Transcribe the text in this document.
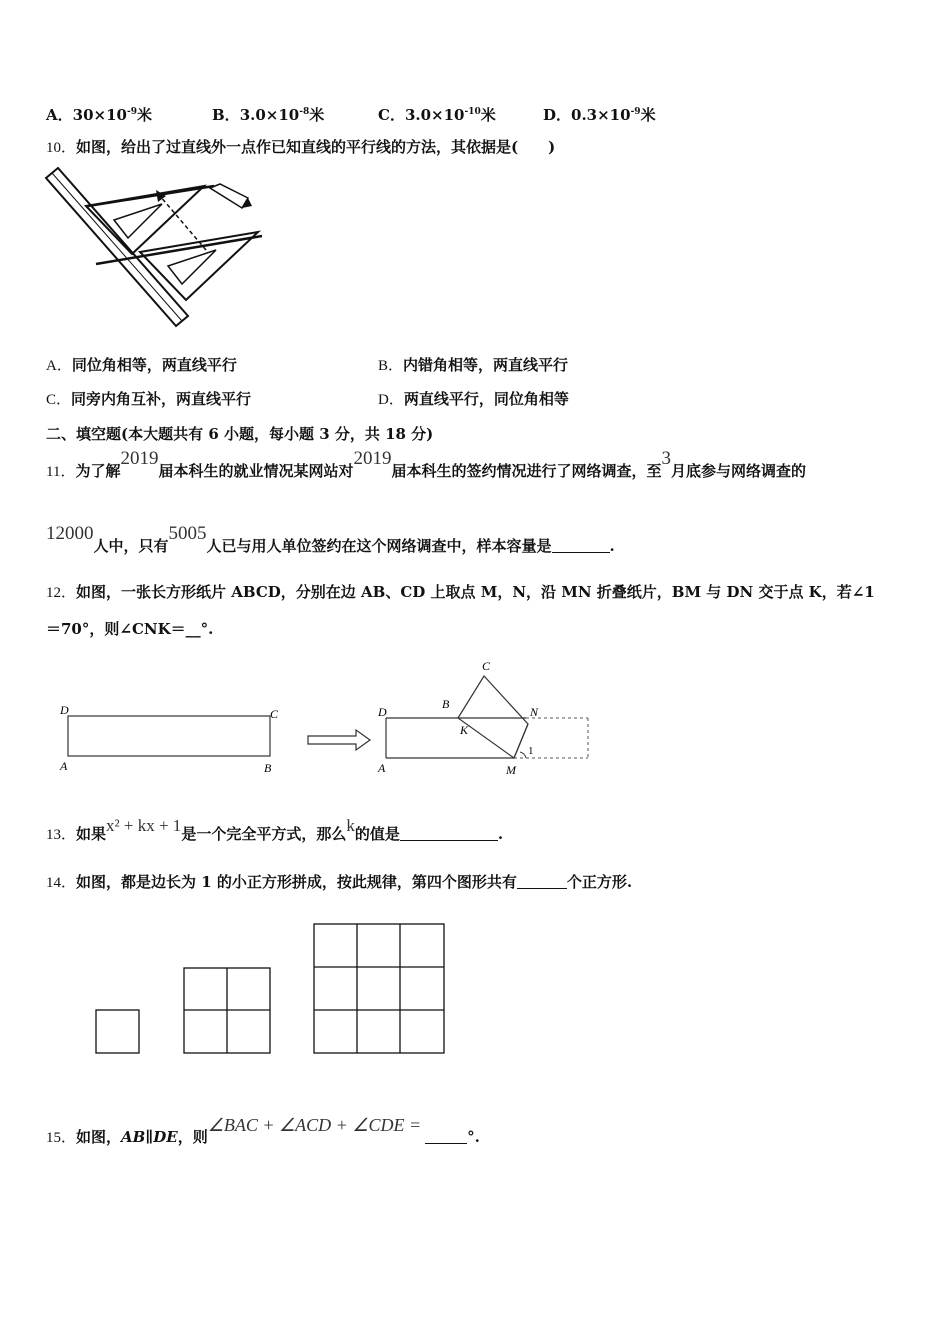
A．$30\times 10^{-9}$米	B．$3.0\times 10^{-8}$米	C．$3.0\times 10^{-10}$米	D．$0.3\times 10^{-9}$米
10．如图，给出了过直线外一点作已知直线的平行线的方法，其依据是(　　)
A．同位角相等，两直线平行	B．内错角相等，两直线平行
C．同旁内角互补，两直线平行	D．两直线平行，同位角相等
二、填空题(本大题共有 6 小题，每小题 3 分，共 18 分)
11．为了解2019届本科生的就业情况某网站对2019届本科生的签约情况进行了网络调查，至3月底参与网络调查的
12000人中，只有5005人已与用人单位签约在这个网络调查中，样本容量是	.
12．如图，一张长方形纸片 ABCD，分别在边 AB、CD 上取点 M，N，沿 MN 折叠纸片，BM 与 DN 交于点 K，若∠1
＝70°，则∠CNK＝__°.
D	C
A	B
D
B
C
N
K
A	M
1
13．如果x² + kx + 1是一个完全平方式，那么k的值是	.
14．如图，都是边长为 1 的小正方形拼成，按此规律，第四个图形共有	个正方形.
15．如图，AB∥DE，则∠BAC + ∠ACD + ∠CDE =°.
